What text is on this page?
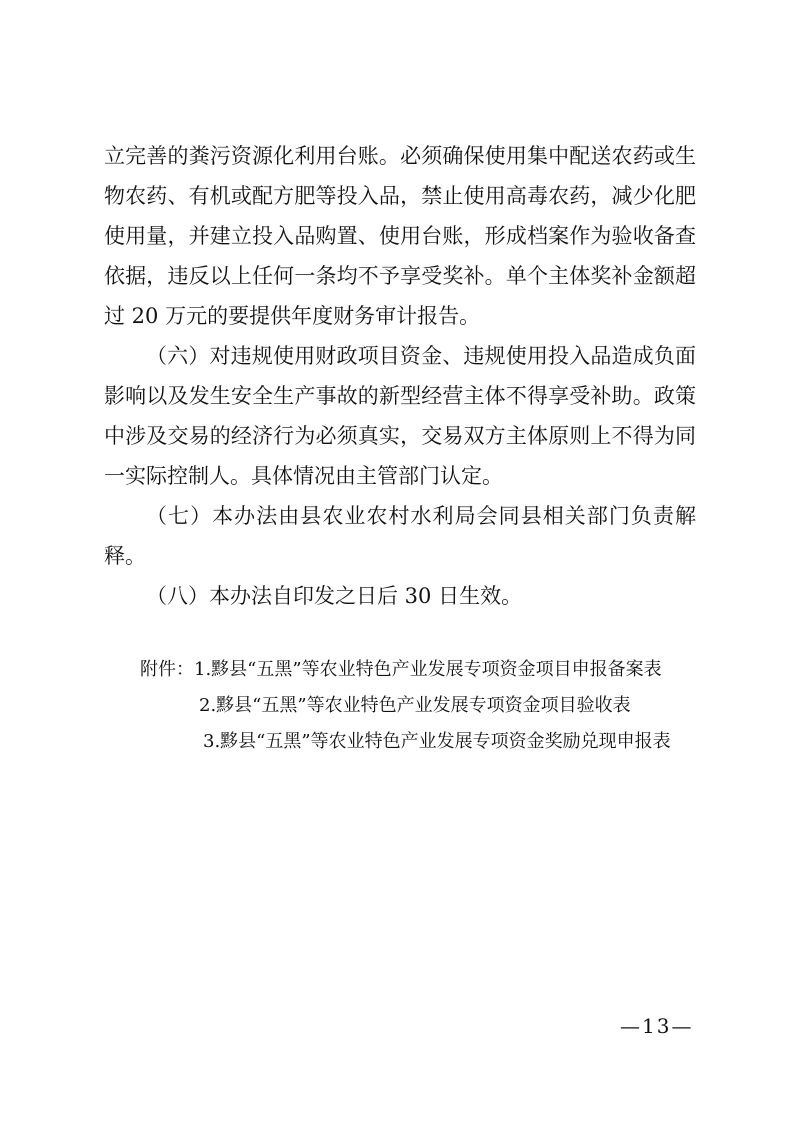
立完善的粪污资源化利用台账。必须确保使用集中配送农药或生
物农药、有机或配方肥等投入品，禁止使用高毒农药，减少化肥
使用量，并建立投入品购置、使用台账，形成档案作为验收备查
依据，违反以上任何一条均不予享受奖补。单个主体奖补金额超
过 20 万元的要提供年度财务审计报告。
（六）对违规使用财政项目资金、违规使用投入品造成负面
影响以及发生安全生产事故的新型经营主体不得享受补助。政策
中涉及交易的经济行为必须真实，交易双方主体原则上不得为同
一实际控制人。具体情况由主管部门认定。
（七）本办法由县农业农村水利局会同县相关部门负责解
释。
（八）本办法自印发之日后 30 日生效。
附件：1.黟县“五黑”等农业特色产业发展专项资金项目申报备案表
2.黟县“五黑”等农业特色产业发展专项资金项目验收表
3.黟县“五黑”等农业特色产业发展专项资金奖励兑现申报表
—13—
